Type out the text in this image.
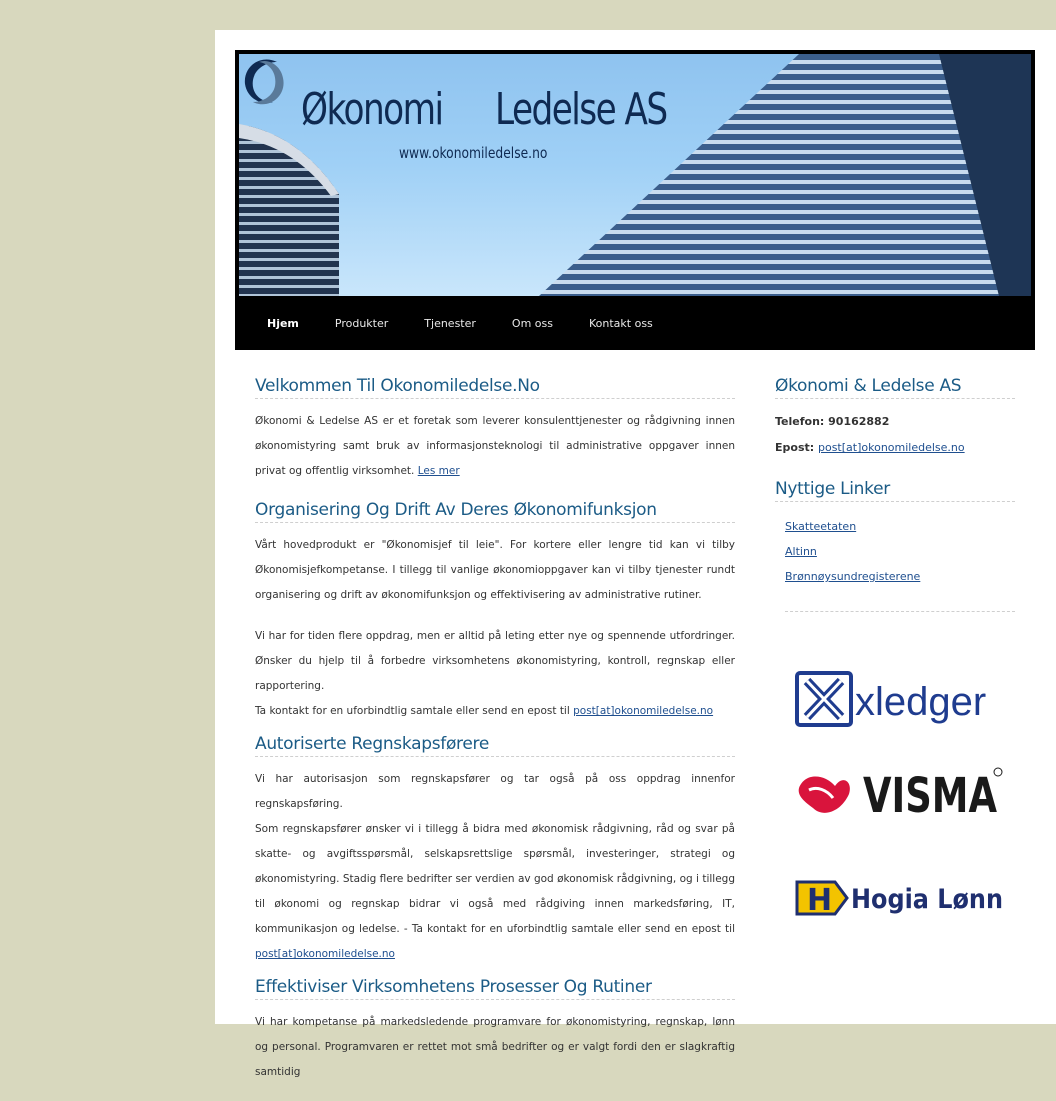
Økonomi Ledelse AS
www.okonomiledelse.no
Hjem	Produkter	Tjenester	Om oss	Kontakt oss
Velkommen Til Okonomiledelse.No

Økonomi & Ledelse AS er et foretak som leverer konsulenttjenester og rådgivning innen økonomistyring samt bruk av informasjonsteknologi til administrative oppgaver innen privat og offentlig virksomhet. Les mer

Organisering Og Drift Av Deres Økonomifunksjon

Vårt hovedprodukt er "Økonomisjef til leie". For kortere eller lengre tid kan vi tilby Økonomisjefkompetanse. I tillegg til vanlige økonomioppgaver kan vi tilby tjenester rundt organisering og drift av økonomifunksjon og effektivisering av administrative rutiner.

Vi har for tiden flere oppdrag, men er alltid på leting etter nye og spennende utfordringer. Ønsker du hjelp til å forbedre virksomhetens økonomistyring, kontroll, regnskap eller rapportering.
Ta kontakt for en uforbindtlig samtale eller send en epost til post[at]okonomiledelse.no

Autoriserte Regnskapsførere

Vi har autorisasjon som regnskapsfører og tar også på oss oppdrag innenfor regnskapsføring.
Som regnskapsfører ønsker vi i tillegg å bidra med økonomisk rådgivning, råd og svar på skatte- og avgiftsspørsmål, selskapsrettslige spørsmål, investeringer, strategi og økonomistyring. Stadig flere bedrifter ser verdien av god økonomisk rådgivning, og i tillegg til økonomi og regnskap bidrar vi også med rådgiving innen markedsføring, IT, kommunikasjon og ledelse. - Ta kontakt for en uforbindtlig samtale eller send en epost til post[at]okonomiledelse.no

Effektiviser Virksomhetens Prosesser Og Rutiner

Vi har kompetanse på markedsledende programvare for økonomistyring, regnskap, lønn og personal. Programvaren er rettet mot små bedrifter og er valgt fordi den er slagkraftig samtidig

Økonomi & Ledelse AS

Telefon: 90162882

Epost: post[at]okonomiledelse.no

Nyttige Linker
Skatteetaten
Altinn
Brønnøysundregisterene
xledger
VISMA
H Hogia Lønn
